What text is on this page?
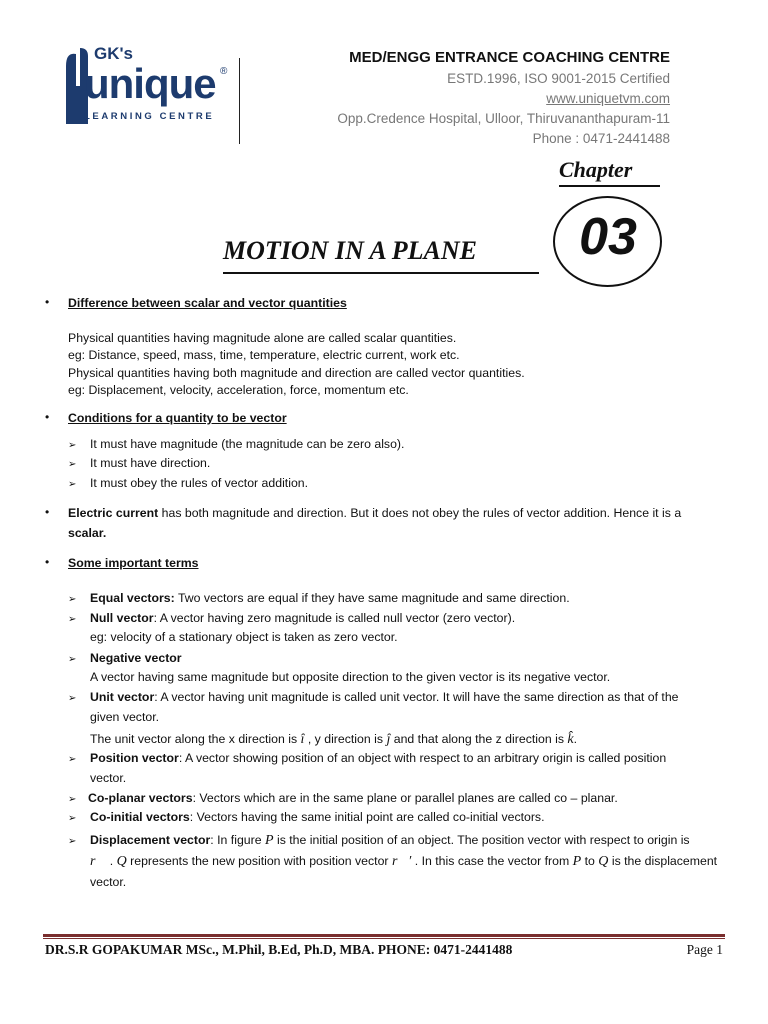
GK's
unique ®
LEARNING CENTRE
MED/ENGG ENTRANCE COACHING CENTRE
ESTD.1996, ISO 9001-2015 Certified
www.uniquetvm.com
Opp.Credence Hospital, Ulloor, Thiruvananthapuram-11
Phone : 0471-2441488
Chapter
03
MOTION IN A PLANE
• Difference between scalar and vector quantities
Physical quantities having magnitude alone are called scalar quantities.
eg: Distance, speed, mass, time, temperature, electric current, work etc.
Physical quantities having both magnitude and direction are called vector quantities.
eg: Displacement, velocity, acceleration, force, momentum etc.
• Conditions for a quantity to be vector
➢ It must have magnitude (the magnitude can be zero also).
➢ It must have direction.
➢ It must obey the rules of vector addition.
• Electric current has both magnitude and direction. But it does not obey the rules of vector addition. Hence it is a
scalar.
• Some important terms
➢ Equal vectors: Two vectors are equal if they have same magnitude and same direction.
➢ Null vector: A vector having zero magnitude is called null vector (zero vector).
eg: velocity of a stationary object is taken as zero vector.
➢ Negative vector
A vector having same magnitude but opposite direction to the given vector is its negative vector.
➢ Unit vector: A vector having unit magnitude is called unit vector. It will have the same direction as that of the
given vector.
The unit vector along the x direction is î , y direction is ĵ and that along the z direction is k̂.
➢ Position vector: A vector showing position of an object with respect to an arbitrary origin is called position
vector.
➢ Co-planar vectors: Vectors which are in the same plane or parallel planes are called co – planar.
➢ Co-initial vectors: Vectors having the same initial point are called co-initial vectors.
➢ Displacement vector: In figure P is the initial position of an object. The position vector with respect to origin is
r⃗ . Q represents the new position with position vector r⃗′ . In this case the vector from P to Q is the displacement
vector.
DR.S.R GOPAKUMAR MSc., M.Phil, B.Ed, Ph.D, MBA. PHONE: 0471-2441488	Page 1
